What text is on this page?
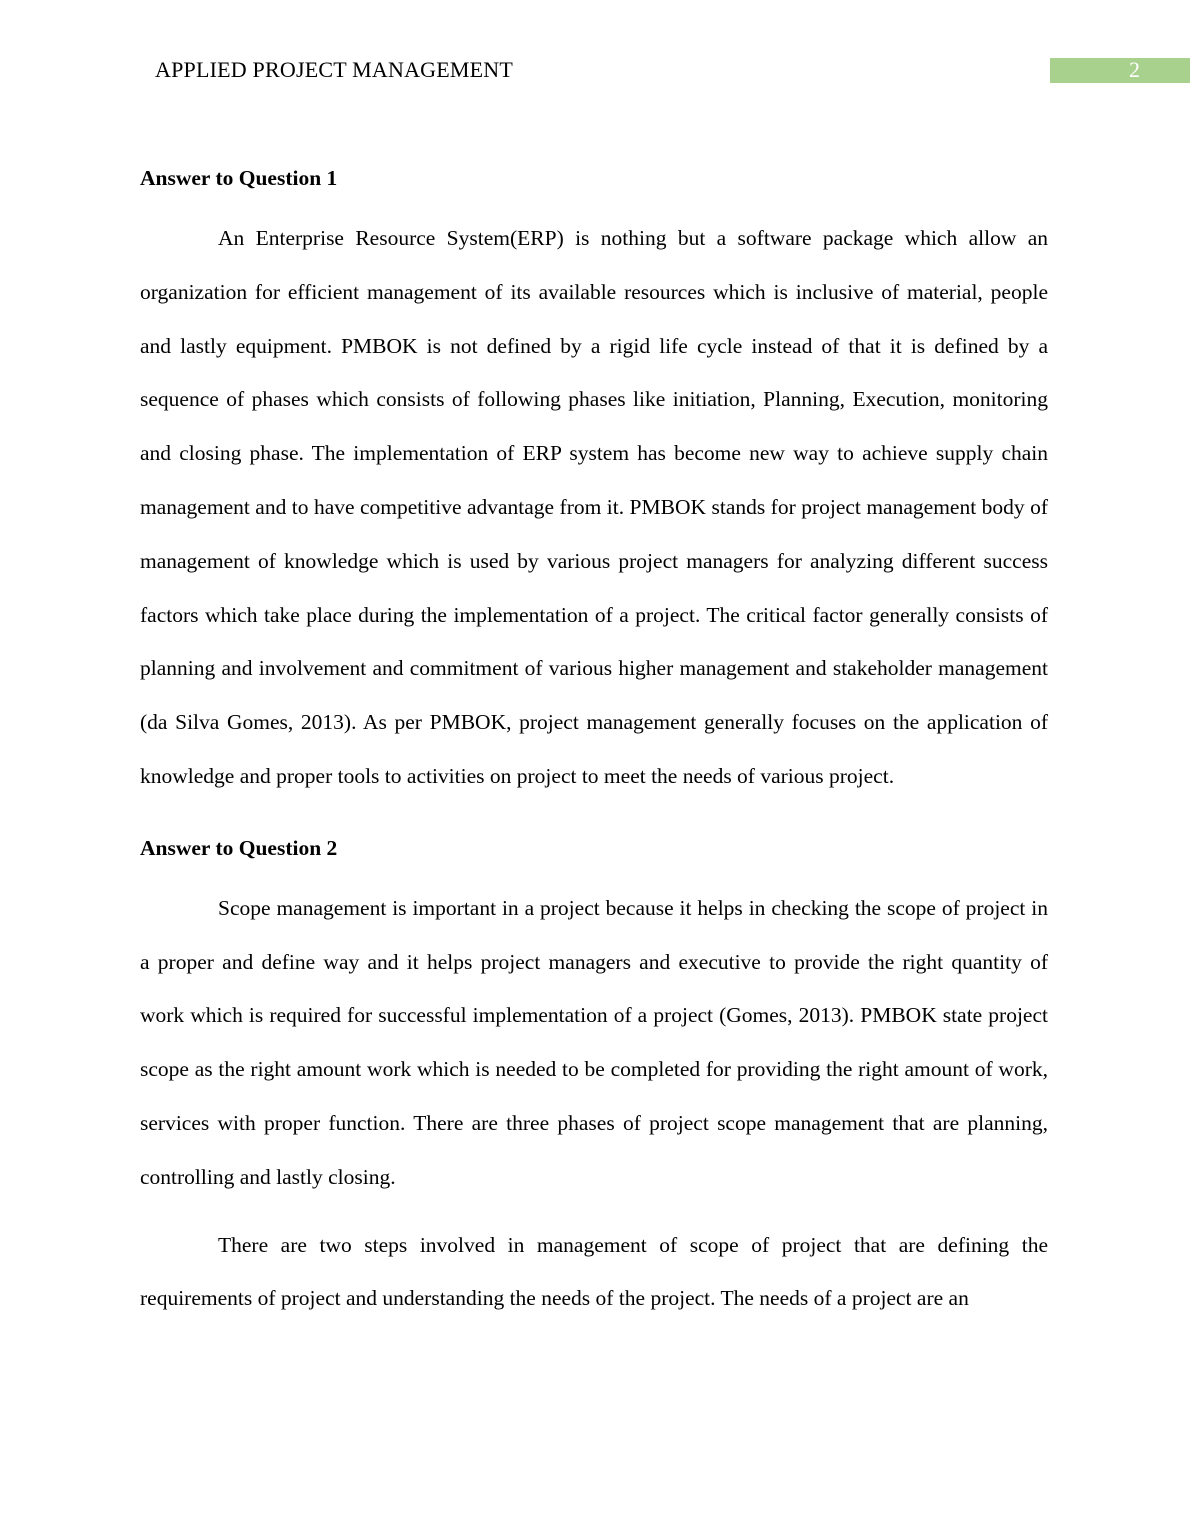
APPLIED PROJECT MANAGEMENT	2
Answer to Question 1

An Enterprise Resource System(ERP) is nothing but a software package which allow an organization for efficient management of its available resources which is inclusive of material, people and lastly equipment. PMBOK is not defined by a rigid life cycle instead of that it is defined by a sequence of phases which consists of following phases like initiation, Planning, Execution, monitoring and closing phase. The implementation of ERP system has become new way to achieve supply chain management and to have competitive advantage from it. PMBOK stands for project management body of management of knowledge which is used by various project managers for analyzing different success factors which take place during the implementation of a project. The critical factor generally consists of planning and involvement and commitment of various higher management and stakeholder management (da Silva Gomes, 2013). As per PMBOK, project management generally focuses on the application of knowledge and proper tools to activities on project to meet the needs of various project.

Answer to Question 2

Scope management is important in a project because it helps in checking the scope of project in a proper and define way and it helps project managers and executive to provide the right quantity of work which is required for successful implementation of a project (Gomes, 2013). PMBOK state project scope as the right amount work which is needed to be completed for providing the right amount of work, services with proper function. There are three phases of project scope management that are planning, controlling and lastly closing.

There are two steps involved in management of scope of project that are defining the requirements of project and understanding the needs of the project. The needs of a project are an
